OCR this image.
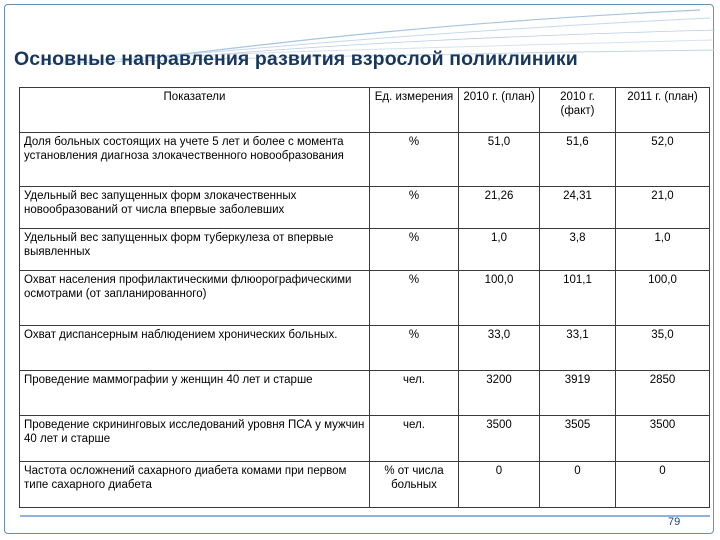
Основные направления развития взрослой поликлиники
Показатели	Ед. измерения	2010 г. (план)	2010 г. (факт)	2011 г. (план)
Доля больных состоящих на учете 5 лет и более с момента установления диагноза злокачественного новообразования	%	51,0	51,6	52,0
Удельный вес запущенных форм злокачественных новообразований от числа впервые заболевших	%	21,26	24,31	21,0
Удельный вес запущенных форм туберкулеза от впервые выявленных	%	1,0	3,8	1,0
Охват населения профилактическими флюорографическими осмотрами (от запланированного)	%	100,0	101,1	100,0
Охват диспансерным наблюдением хронических больных.	%	33,0	33,1	35,0
Проведение маммографии у женщин 40 лет и старше	чел.	3200	3919	2850
Проведение скрининговых исследований уровня ПСА у мужчин 40 лет и старше	чел.	3500	3505	3500
Частота осложнений сахарного диабета комами при первом типе сахарного диабета	% от числа больных	0	0	0
79
